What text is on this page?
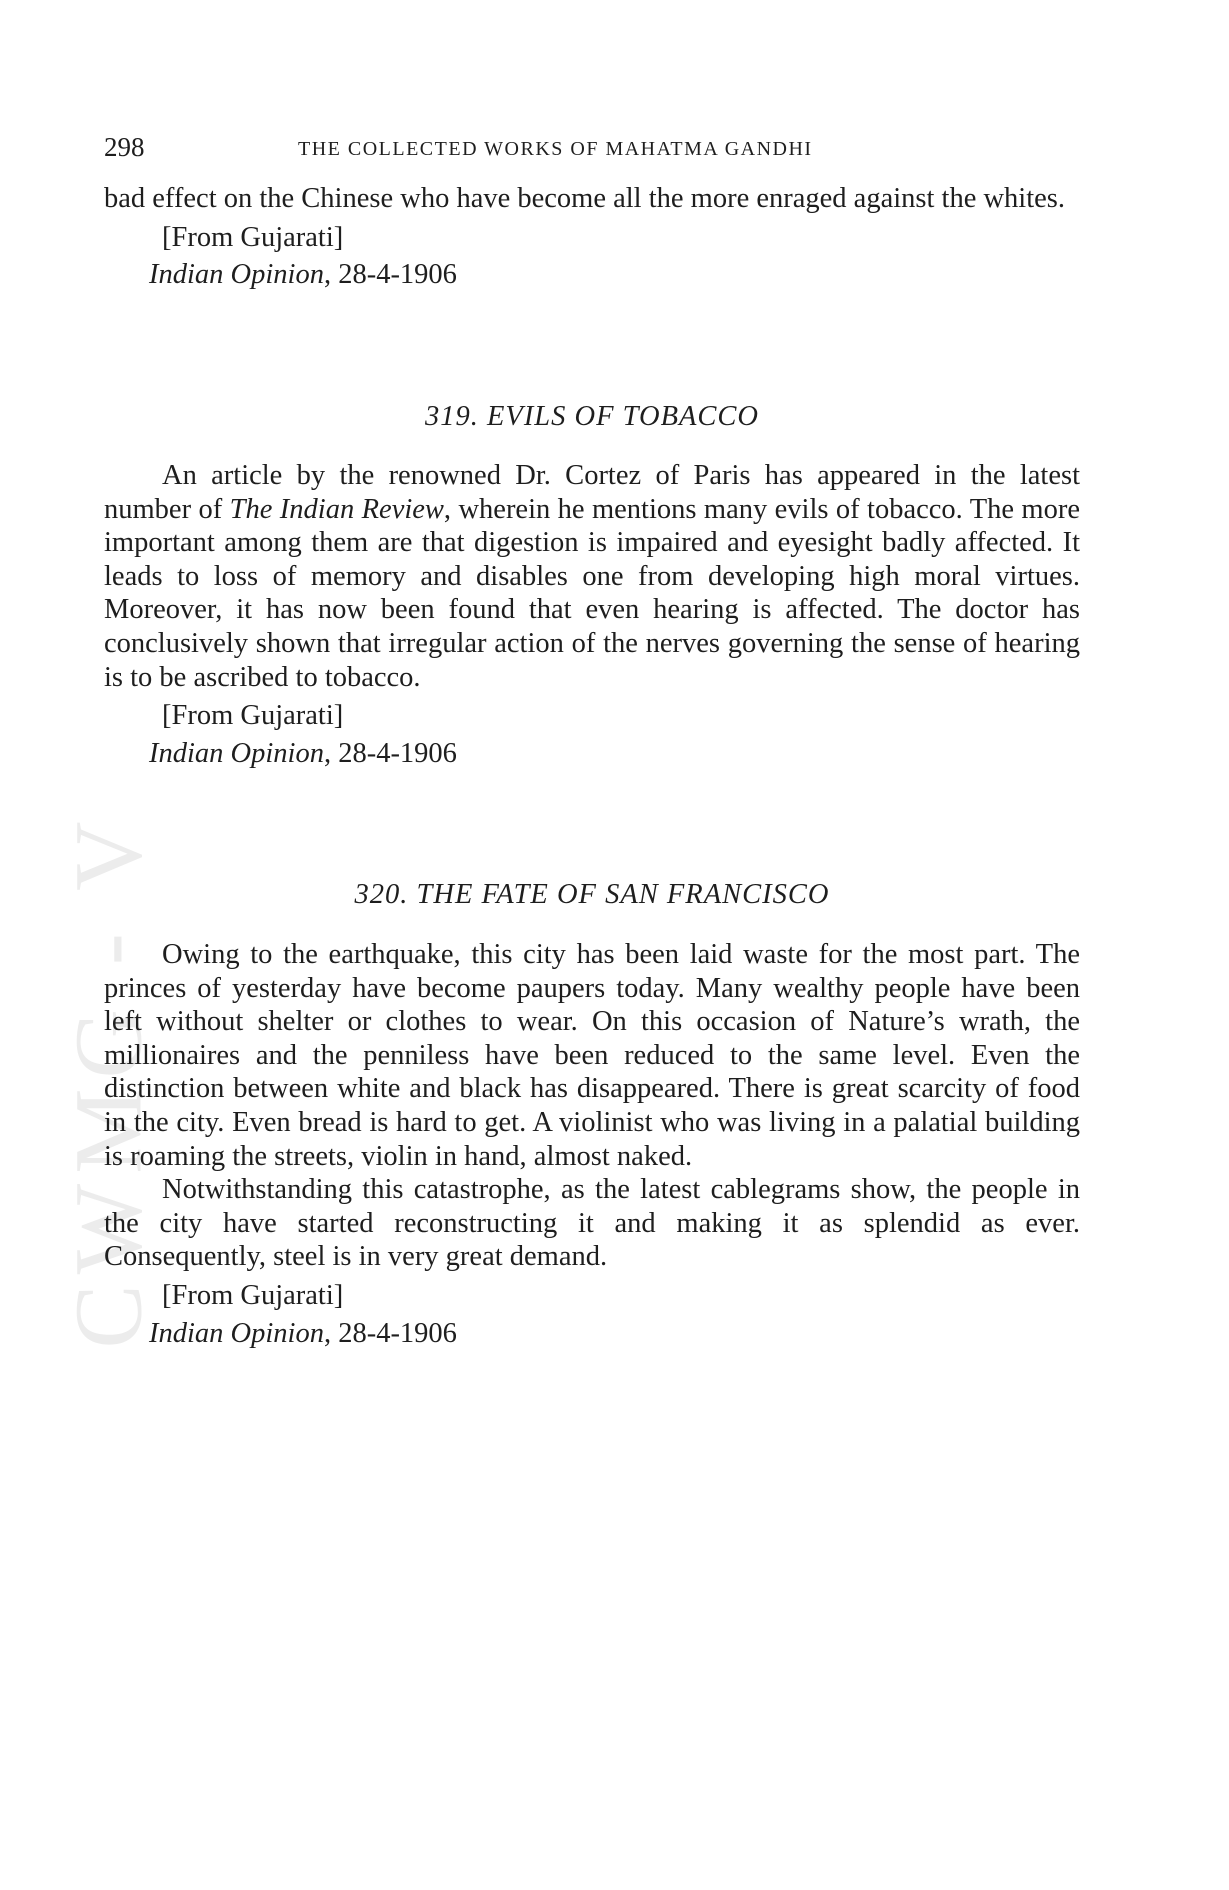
CWMG - V
298	THE COLLECTED WORKS OF MAHATMA GANDHI

bad effect on the Chinese who have become all the more enraged against the whites.

[From Gujarati]

Indian Opinion, 28-4-1906

319. EVILS OF TOBACCO

An article by the renowned Dr. Cortez of Paris has appeared in the latest number of The Indian Review, wherein he mentions many evils of tobacco. The more important among them are that digestion is impaired and eyesight badly affected. It leads to loss of memory and disables one from developing high moral virtues. Moreover, it has now been found that even hearing is affected. The doctor has conclusively shown that irregular action of the nerves governing the sense of hearing is to be ascribed to tobacco.

[From Gujarati]

Indian Opinion, 28-4-1906

320. THE FATE OF SAN FRANCISCO

Owing to the earthquake, this city has been laid waste for the most part. The princes of yesterday have become paupers today. Many wealthy people have been left without shelter or clothes to wear. On this occasion of Nature’s wrath, the millionaires and the penniless have been reduced to the same level. Even the distinction between white and black has disappeared. There is great scarcity of food in the city. Even bread is hard to get. A violinist who was living in a palatial building is roaming the streets, violin in hand, almost naked.

Notwithstanding this catastrophe, as the latest cablegrams show, the people in the city have started reconstructing it and making it as splendid as ever. Consequently, steel is in very great demand.

[From Gujarati]

Indian Opinion, 28-4-1906
